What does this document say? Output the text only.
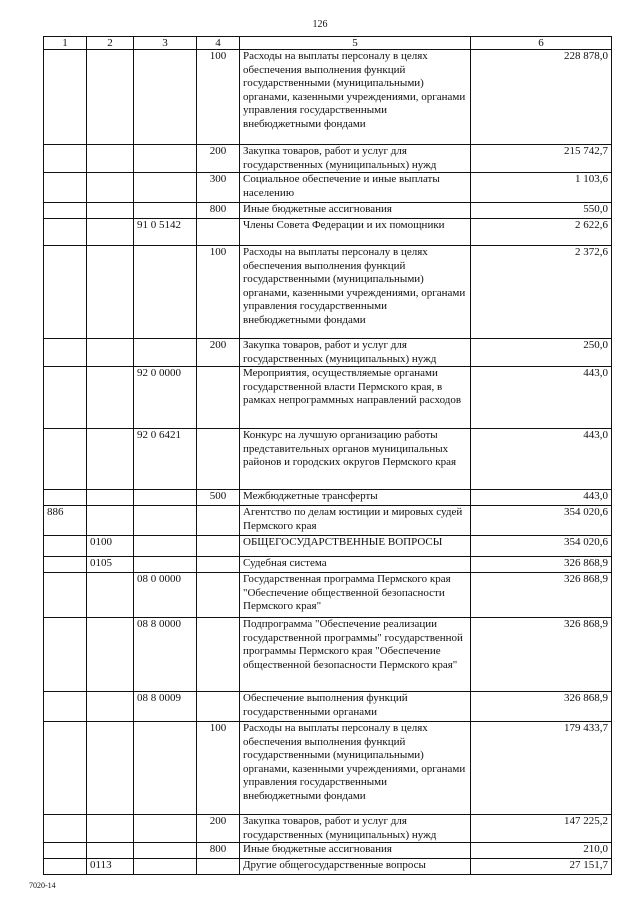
126
1	2	3	4	5	6
			100	Расходы на выплаты персоналу в целях обеспечения выполнения функций государственными (муниципальными) органами, казенными учреждениями, органами управления государственными внебюджетными фондами	228 878,0
			200	Закупка товаров, работ и услуг для государственных (муниципальных) нужд	215 742,7
			300	Социальное обеспечение и иные выплаты населению	1 103,6
			800	Иные бюджетные ассигнования	550,0
		91 0 5142		Члены Совета Федерации и их помощники	2 622,6
			100	Расходы на выплаты персоналу в целях обеспечения выполнения функций государственными (муниципальными) органами, казенными учреждениями, органами управления государственными внебюджетными фондами	2 372,6
			200	Закупка товаров, работ и услуг для государственных (муниципальных) нужд	250,0
		92 0 0000		Мероприятия, осуществляемые органами государственной власти Пермского края, в рамках непрограммных направлений расходов	443,0
		92 0 6421		Конкурс на лучшую организацию работы представительных органов муниципальных районов и городских округов Пермского края	443,0
			500	Межбюджетные трансферты	443,0
886				Агентство по делам юстиции и мировых судей Пермского края	354 020,6
	0100			ОБЩЕГОСУДАРСТВЕННЫЕ ВОПРОСЫ	354 020,6
	0105			Судебная система	326 868,9
		08 0 0000		Государственная программа Пермского края "Обеспечение общественной безопасности Пермского края"	326 868,9
		08 8 0000		Подпрограмма "Обеспечение реализации государственной программы" государственной программы Пермского края "Обеспечение общественной безопасности Пермского края"	326 868,9
		08 8 0009		Обеспечение выполнения функций государственными органами	326 868,9
			100	Расходы на выплаты персоналу в целях обеспечения выполнения функций государственными (муниципальными) органами, казенными учреждениями, органами управления государственными внебюджетными фондами	179 433,7
			200	Закупка товаров, работ и услуг для государственных (муниципальных) нужд	147 225,2
			800	Иные бюджетные ассигнования	210,0
	0113			Другие общегосударственные вопросы	27 151,7
7020-14
